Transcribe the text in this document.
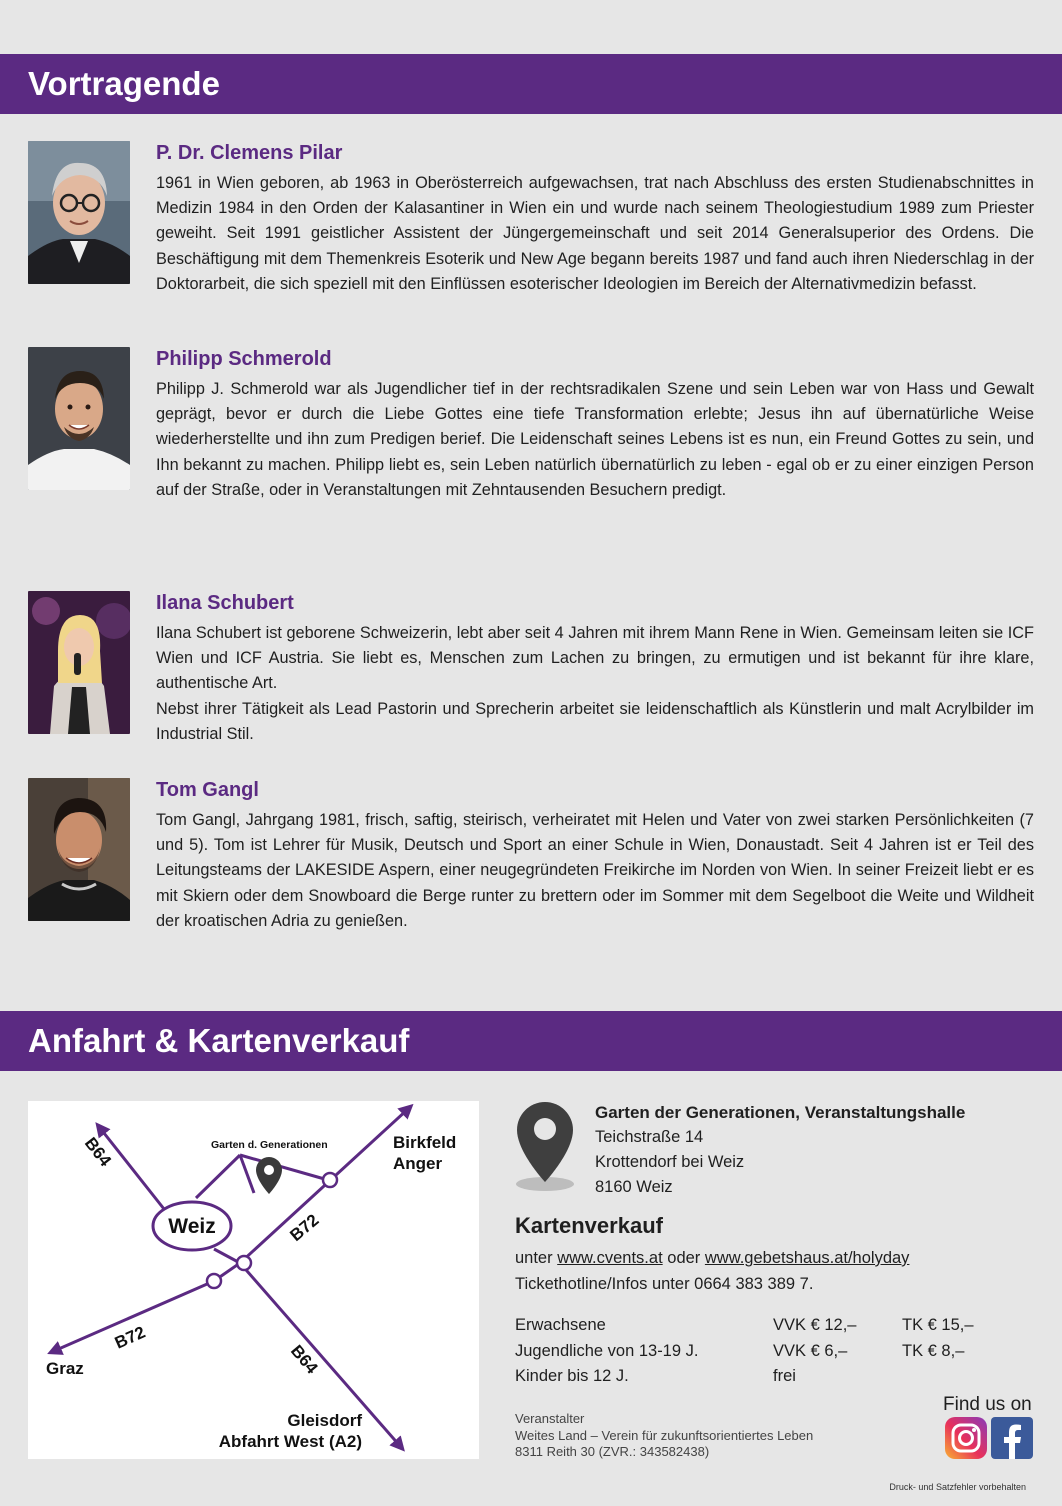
Vortragende
P. Dr. Clemens Pilar
1961 in Wien geboren, ab 1963 in Oberösterreich aufgewachsen, trat nach Abschluss des ersten Studienabschnittes in Medizin 1984 in den Orden der Kalasantiner in Wien ein und wurde nach seinem Theologiestudium 1989 zum Priester geweiht. Seit 1991 geistlicher Assistent der Jüngergemeinschaft und seit 2014 Generalsuperior des Ordens. Die Beschäftigung mit dem Themenkreis Esoterik und New Age begann bereits 1987 und fand auch ihren Niederschlag in der Doktorarbeit, die sich speziell mit den Einflüssen esoterischer Ideologien im Bereich der Alternativmedizin befasst.
Philipp Schmerold
Philipp J. Schmerold war als Jugendlicher tief in der rechtsradikalen Szene und sein Leben war von Hass und Gewalt geprägt, bevor er durch die Liebe Gottes eine tiefe Transformation erlebte; Jesus ihn auf übernatürliche Weise wiederherstellte und ihn zum Predigen berief. Die Leidenschaft seines Lebens ist es nun, ein Freund Gottes zu sein, und Ihn bekannt zu machen. Philipp liebt es, sein Leben natürlich übernatürlich zu leben - egal ob er zu einer einzigen Person auf der Straße, oder in Veranstaltungen mit Zehntausenden Besuchern predigt.
Ilana Schubert

Ilana Schubert ist geborene Schweizerin, lebt aber seit 4 Jahren mit ihrem Mann Rene in Wien. Gemeinsam leiten sie ICF Wien und ICF Austria. Sie liebt es, Menschen zum Lachen zu bringen, zu ermutigen und ist bekannt für ihre klare, authentische Art.

Nebst ihrer Tätigkeit als Lead Pastorin und Sprecherin arbeitet sie leidenschaftlich als Künstlerin und malt Acrylbilder im Industrial Stil.

Tom Gangl
Tom Gangl, Jahrgang 1981, frisch, saftig, steirisch, verheiratet mit Helen und Vater von zwei starken Persönlichkeiten (7 und 5). Tom ist Lehrer für Musik, Deutsch und Sport an einer Schule in Wien, Donaustadt. Seit 4 Jahren ist er Teil des Leitungsteams der LAKESIDE Aspern, einer neugegründeten Freikirche im Norden von Wien. In seiner Freizeit liebt er es mit Skiern oder dem Snowboard die Berge runter zu brettern oder im Sommer mit dem Segelboot die Weite und Wildheit der kroatischen Adria zu genießen.
Anfahrt & Kartenverkauf
Weiz
Garten d. Generationen	Birkfeld
Anger
Graz
Gleisdorf
Abfahrt West (A2)
B64
B72
B72
B64
Garten der Generationen, Veranstaltungshalle
Teichstraße 14
Krottendorf bei Weiz
8160 Weiz
Kartenverkauf
unter www.cvents.at oder www.gebetshaus.at/holyday
Tickethotline/Infos unter 0664 383 389 7.
Erwachsene	VVK € 12,–	TK € 15,–
Jugendliche von 13-19 J.	VVK € 6,–	TK € 8,–
Kinder bis 12 J.	frei
Veranstalter
Weites Land – Verein für zukunftsorientiertes Leben
8311 Reith 30 (ZVR.: 343582438)
Find us on
Druck- und Satzfehler vorbehalten
